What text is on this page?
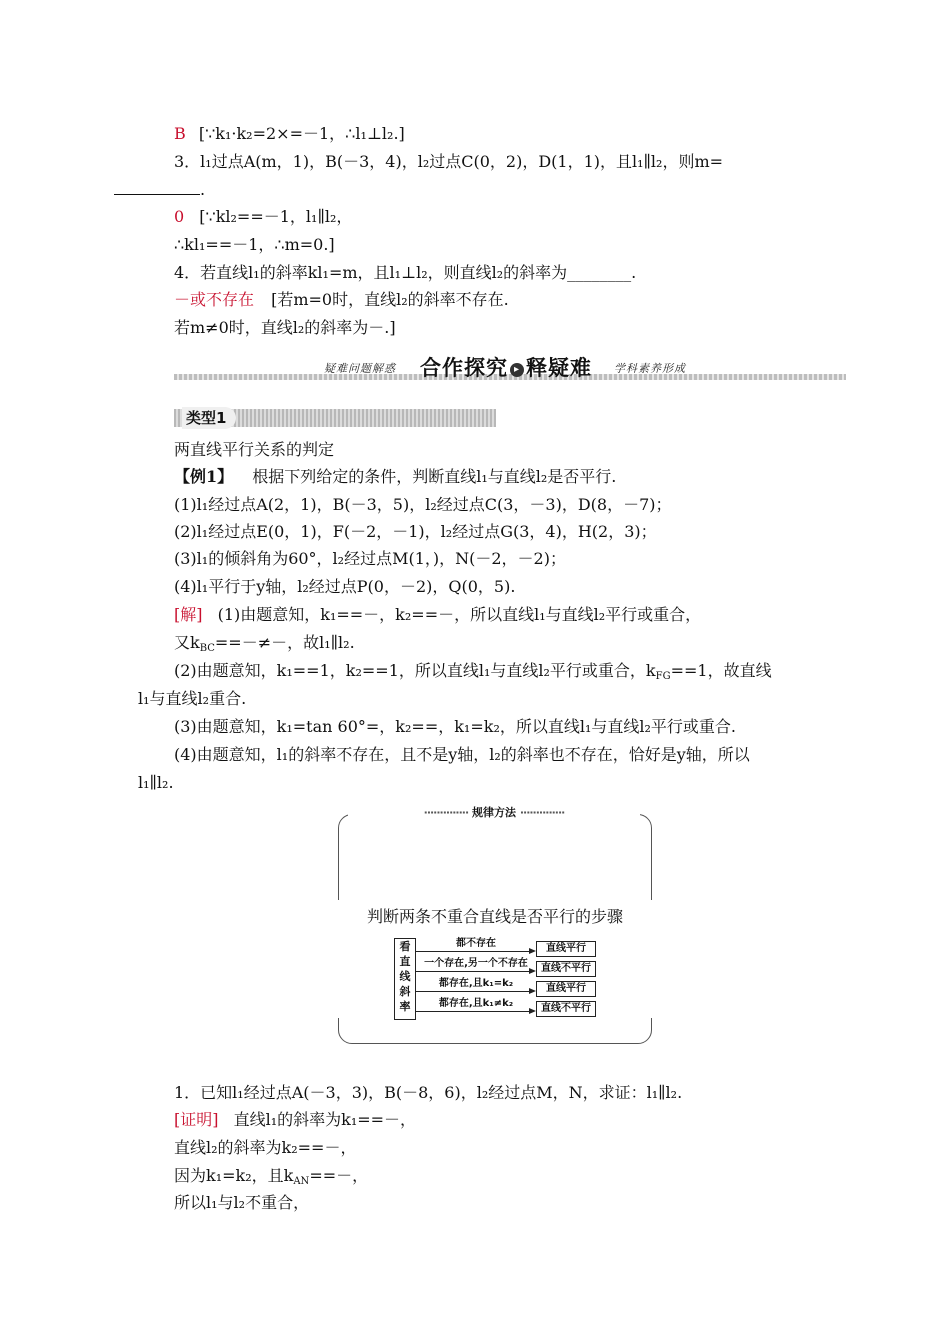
B [∵k₁·k₂=2×=－1，∴l₁⊥l₂.]
3．l₁过点A(m，1)，B(－3，4)，l₂过点C(0，2)，D(1，1)，且l₁∥l₂，则m=
.
0 [∵kl₂==－1，l₁∥l₂，
∴kl₁==－1，∴m=0.]
4．若直线l₁的斜率kl₁=m，且l₁⊥l₂，则直线l₂的斜率为________.
－或不存在 [若m=0时，直线l₂的斜率不存在.
若m≠0时，直线l₂的斜率为－.]
疑难问题解惑 合作探究 ▸ 释疑难 学科素养形成
类型1
两直线平行关系的判定
【例1】 根据下列给定的条件，判断直线l₁与直线l₂是否平行.
(1)l₁经过点A(2，1)，B(－3，5)，l₂经过点C(3，－3)，D(8，－7)；
(2)l₁经过点E(0，1)，F(－2，－1)，l₂经过点G(3，4)，H(2，3)；
(3)l₁的倾斜角为60°，l₂经过点M(1，)，N(－2，－2)；
(4)l₁平行于y轴，l₂经过点P(0，－2)，Q(0，5).
[解] (1)由题意知，k₁==－，k₂==－，所以直线l₁与直线l₂平行或重合，
又$k_{BC}==-\ne-$，故l₁∥l₂.
(2)由题意知，k₁==1，k₂==1，所以直线l₁与直线l₂平行或重合，$k_{FG}==1$，故直线
l₁与直线l₂重合.
(3)由题意知，k₁=tan 60°=，k₂==，k₁=k₂，所以直线l₁与直线l₂平行或重合.
(4)由题意知，l₁的斜率不存在，且不是y轴，l₂的斜率也不存在，恰好是y轴，所以
l₁∥l₂.
·············· 规律方法 ··············
判断两条不重合直线是否平行的步骤
看
直
线
斜
率
都不存在	直线平行
一个存在,另一个不存在	直线不平行
都存在,且k₁=k₂	直线平行
都存在,且k₁≠k₂	直线不平行
1．已知l₁经过点A(－3，3)，B(－8，6)，l₂经过点M，N，求证：l₁∥l₂.
[证明] 直线l₁的斜率为k₁==－，
直线l₂的斜率为k₂==－，
因为k₁=k₂，且$k_{AN}==-$，
所以l₁与l₂不重合，
